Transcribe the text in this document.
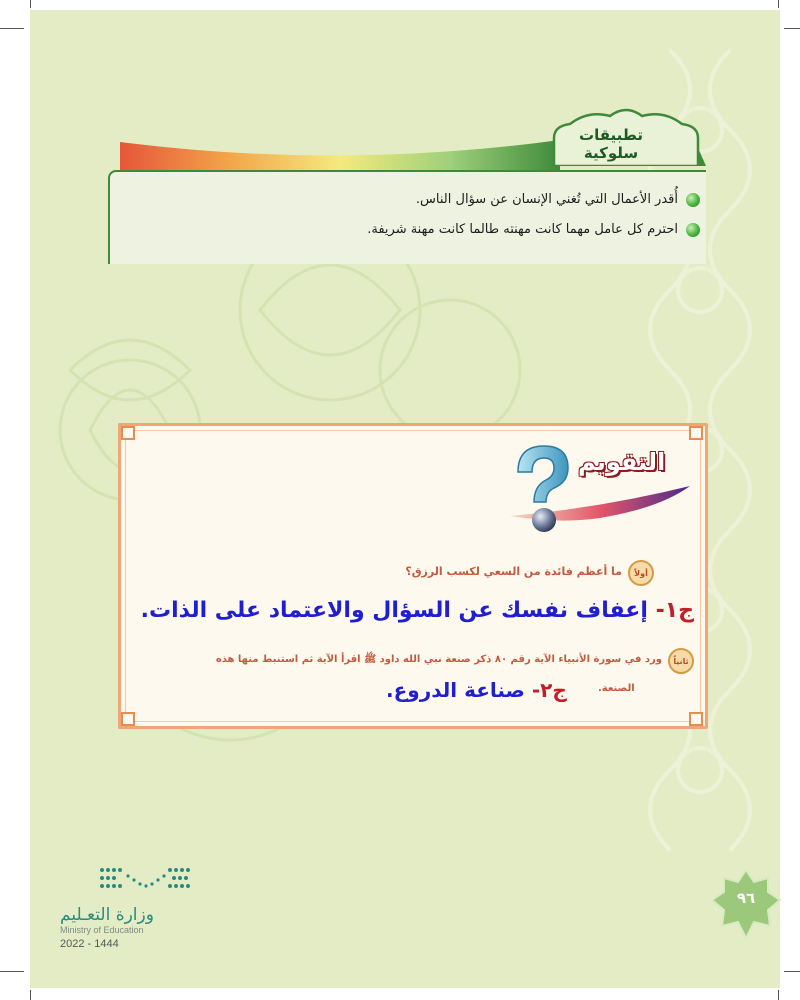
تطبيقات سلوكية
أُقدر الأعمال التي تُغني الإنسان عن سؤال الناس.
احترم كل عامل مهما كانت مهنته طالما كانت مهنة شريفة.
التقويم
أولاً
ما أعظم فائدة من السعي لكسب الرزق؟
ج١- إعفاف نفسك عن السؤال والاعتماد على الذات.
ثانياً
ورد في سورة الأنبياء الآية رقم ٨٠ ذكر صنعة نبي الله داود ﷺ اقرأ الآية ثم استنبط منها هذه
الصنعة.
ج٢- صناعة الدروع.
وزارة التعـليم
Ministry of Education
2022 - 1444
٩٦
